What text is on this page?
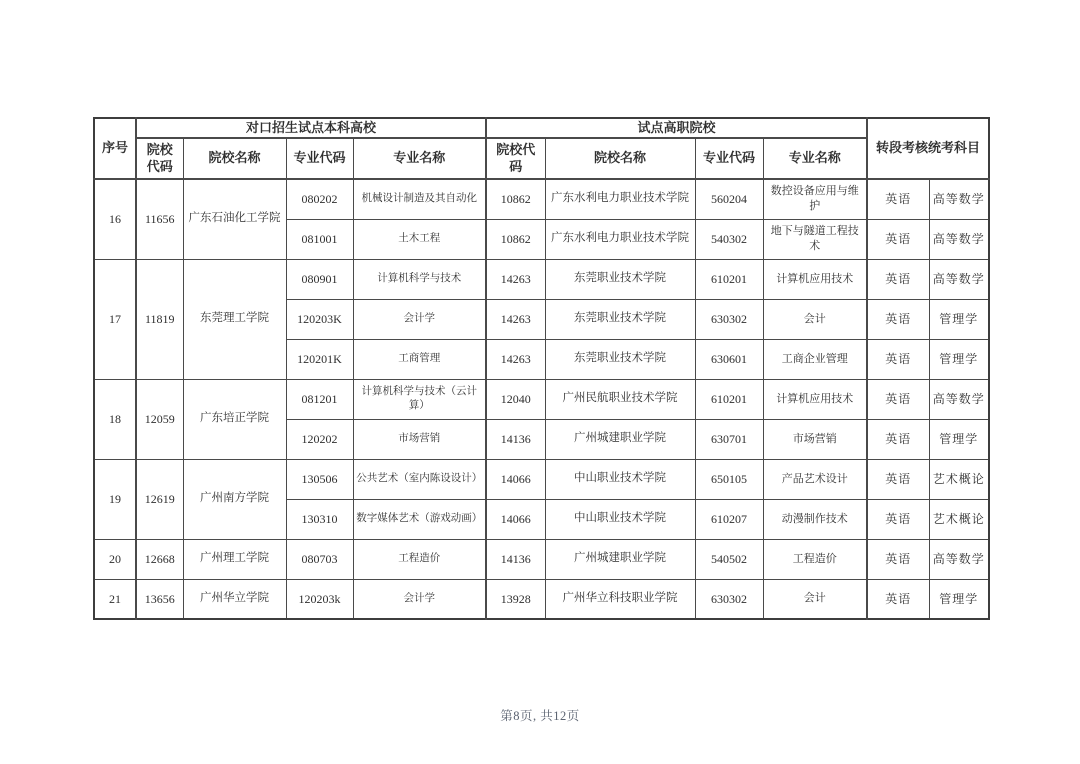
序号	对口招生试点本科高校				试点高职院校				转段考核统考科目	
	院校代码	院校名称	专业代码	专业名称	院校代码	院校名称	专业代码	专业名称		
16	11656	广东石油化工学院	080202	机械设计制造及其自动化	10862	广东水利电力职业技术学院	560204	数控设备应用与维护	英语	高等数学
			081001	土木工程	10862	广东水利电力职业技术学院	540302	地下与隧道工程技术	英语	高等数学
17	11819	东莞理工学院	080901	计算机科学与技术	14263	东莞职业技术学院	610201	计算机应用技术	英语	高等数学
			120203K	会计学	14263	东莞职业技术学院	630302	会计	英语	管理学
			120201K	工商管理	14263	东莞职业技术学院	630601	工商企业管理	英语	管理学
18	12059	广东培正学院	081201	计算机科学与技术（云计算）	12040	广州民航职业技术学院	610201	计算机应用技术	英语	高等数学
			120202	市场营销	14136	广州城建职业学院	630701	市场营销	英语	管理学
19	12619	广州南方学院	130506	公共艺术（室内陈设设计）	14066	中山职业技术学院	650105	产品艺术设计	英语	艺术概论
			130310	数字媒体艺术（游戏动画）	14066	中山职业技术学院	610207	动漫制作技术	英语	艺术概论
20	12668	广州理工学院	080703	工程造价	14136	广州城建职业学院	540502	工程造价	英语	高等数学
21	13656	广州华立学院	120203k	会计学	13928	广州华立科技职业学院	630302	会计	英语	管理学
第8页, 共12页
